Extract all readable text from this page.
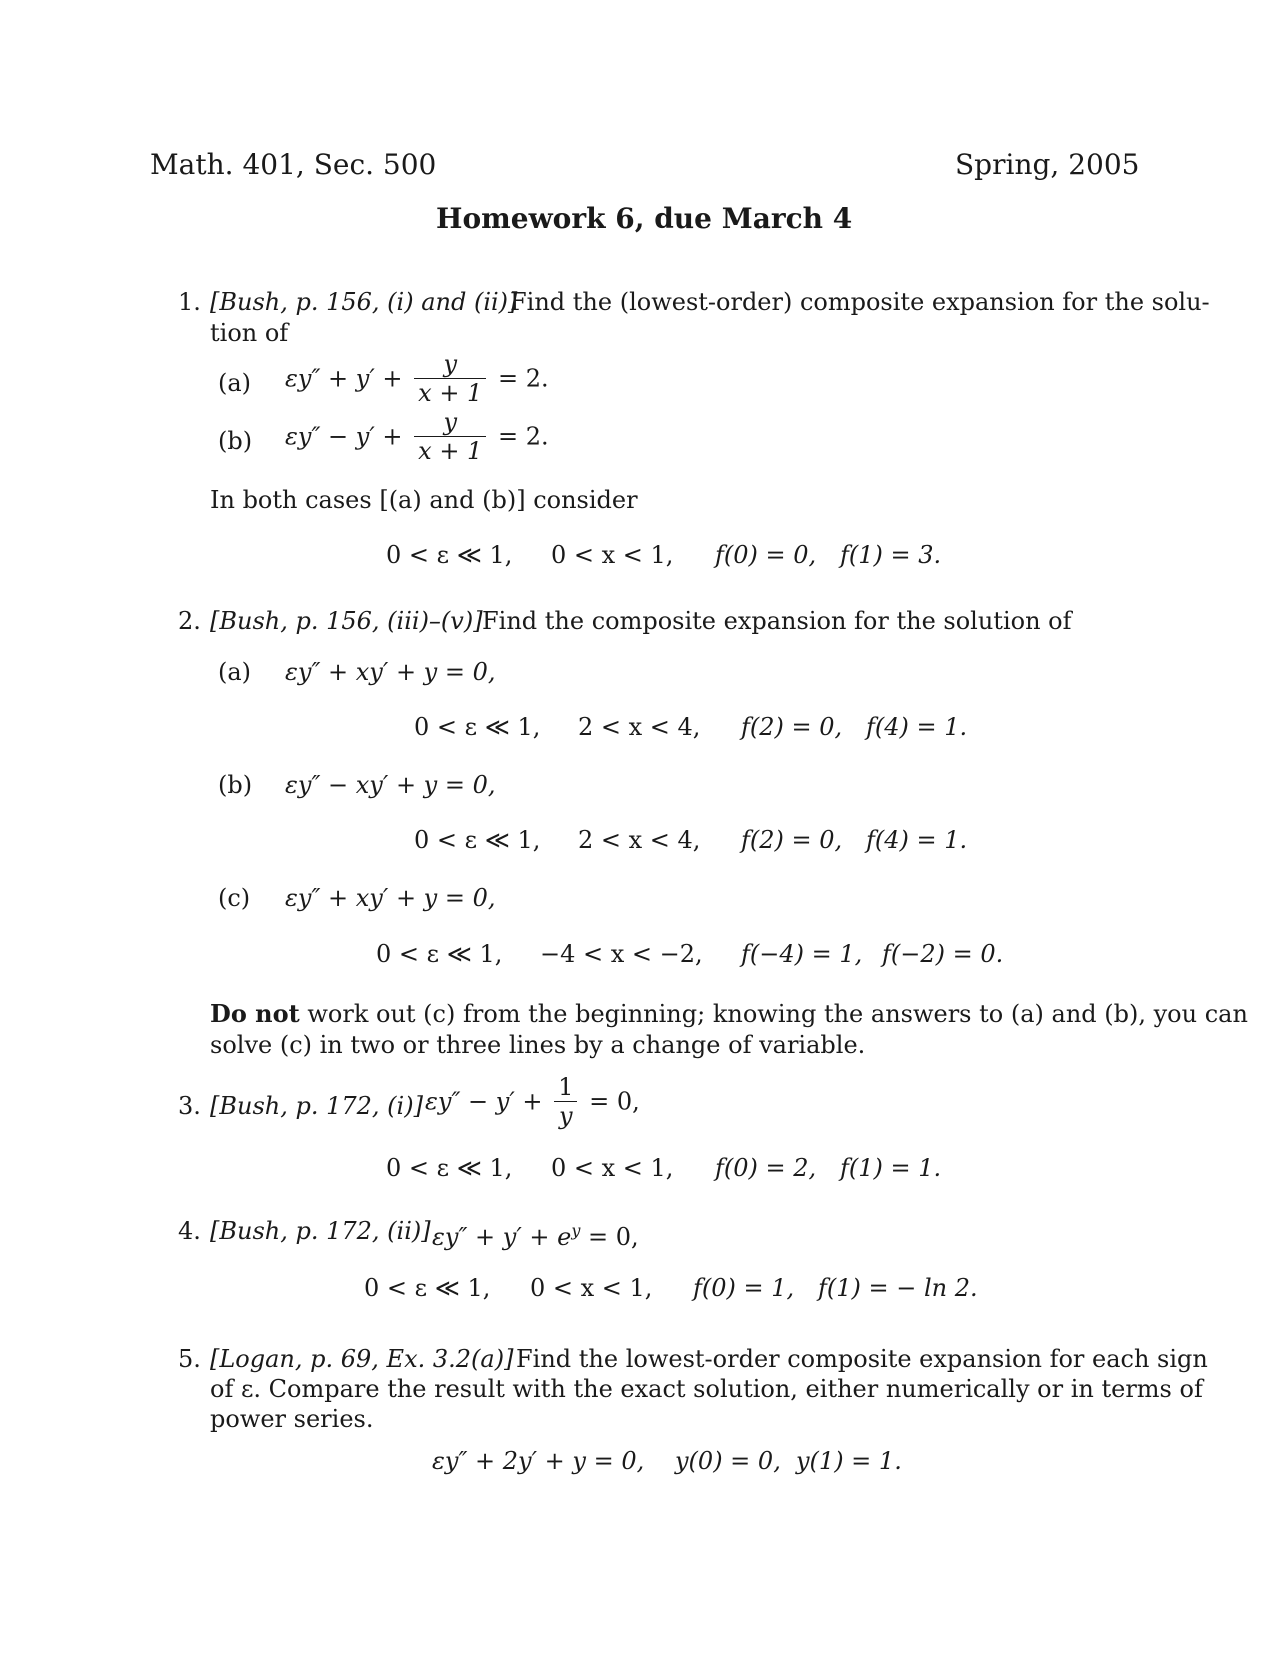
Math. 401, Sec. 500	Spring, 2005
Homework 6, due March 4
1. [Bush, p. 156, (i) and (ii)]
Find the (lowest-order) composite expansion for the solu-
tion of
(a) $\varepsilon y'' + y' + \frac{y}{x + 1} = 2$.
(b) $\varepsilon y'' - y' + \frac{y}{x + 1} = 2$.
In both cases [(a) and (b)] consider
0 < ε ≪ 1, 0 < x < 1, f(0) = 0, f(1) = 3.
2. [Bush, p. 156, (iii)–(v)] Find the composite expansion for the solution of
(a) εy″ + xy′ + y = 0,
0 < ε ≪ 1, 2 < x < 4, f(2) = 0, f(4) = 1.
(b) εy″ − xy′ + y = 0,
0 < ε ≪ 1, 2 < x < 4, f(2) = 0, f(4) = 1.
(c) εy″ + xy′ + y = 0,
0 < ε ≪ 1, −4 < x < −2, f(−4) = 1, f(−2) = 0.
Do not work out (c) from the beginning; knowing the answers to (a) and (b), you can
solve (c) in two or three lines by a change of variable.
3. [Bush, p. 172, (i)] $\varepsilon y'' - y' + \frac{1}{y} = 0$,
0 < ε ≪ 1, 0 < x < 1, f(0) = 2, f(1) = 1.
4. [Bush, p. 172, (ii)] $\varepsilon y'' + y' + e^y = 0$,
0 < ε ≪ 1, 0 < x < 1, f(0) = 1, f(1) = − ln 2.
5. [Logan, p. 69, Ex. 3.2(a)] Find the lowest-order composite expansion for each sign
of ε. Compare the result with the exact solution, either numerically or in terms of
power series.
εy″ + 2y′ + y = 0, y(0) = 0, y(1) = 1.
